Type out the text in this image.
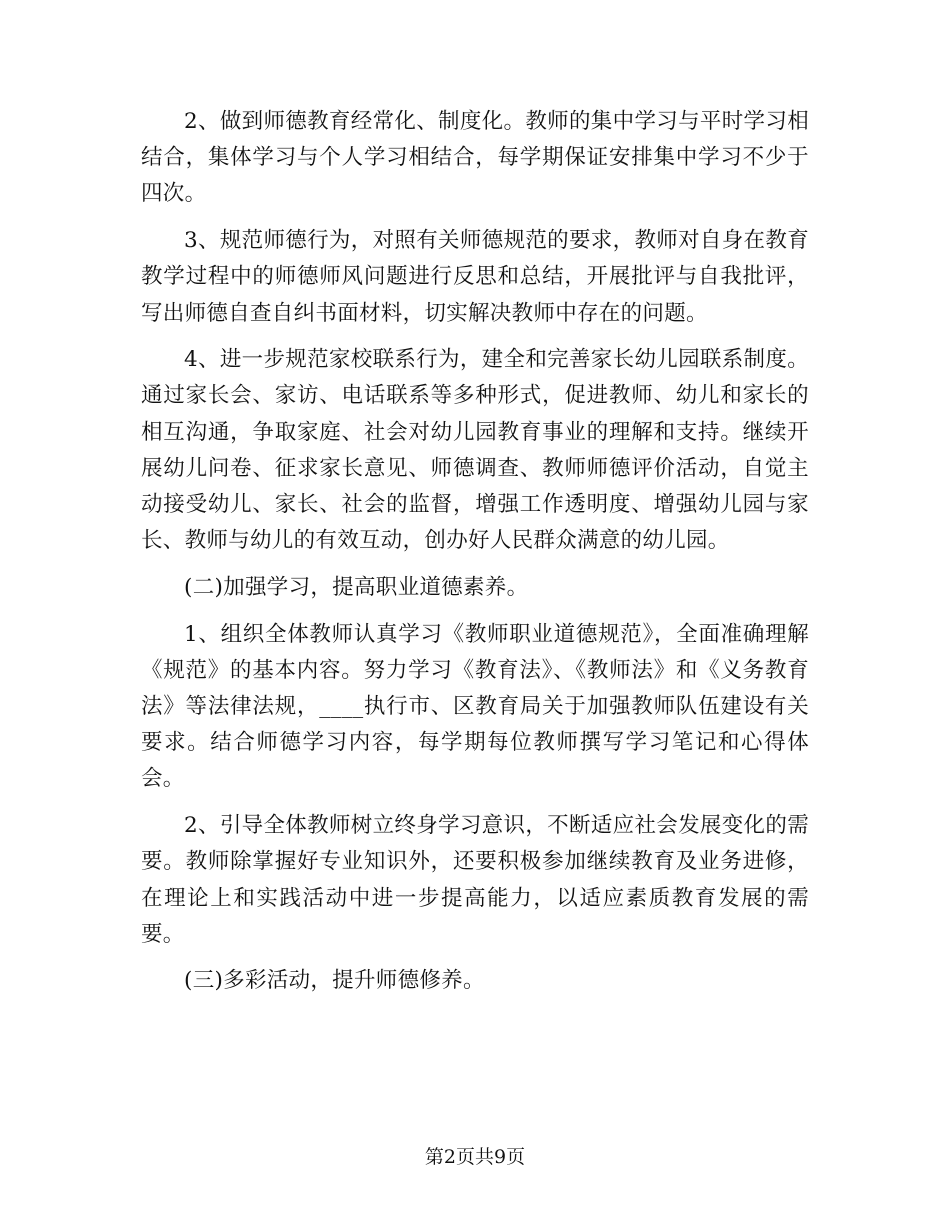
2、做到师德教育经常化、制度化。教师的集中学习与平时学习相结合，集体学习与个人学习相结合，每学期保证安排集中学习不少于四次。

3、规范师德行为，对照有关师德规范的要求，教师对自身在教育教学过程中的师德师风问题进行反思和总结，开展批评与自我批评，写出师德自查自纠书面材料，切实解决教师中存在的问题。

4、进一步规范家校联系行为，建全和完善家长幼儿园联系制度。通过家长会、家访、电话联系等多种形式，促进教师、幼儿和家长的相互沟通，争取家庭、社会对幼儿园教育事业的理解和支持。继续开展幼儿问卷、征求家长意见、师德调查、教师师德评价活动，自觉主动接受幼儿、家长、社会的监督，增强工作透明度、增强幼儿园与家长、教师与幼儿的有效互动，创办好人民群众满意的幼儿园。

(二)加强学习，提高职业道德素养。

1、组织全体教师认真学习《教师职业道德规范》，全面准确理解《规范》的基本内容。努力学习《教育法》、《教师法》和《义务教育法》等法律法规，____执行市、区教育局关于加强教师队伍建设有关要求。结合师德学习内容，每学期每位教师撰写学习笔记和心得体会。

2、引导全体教师树立终身学习意识，不断适应社会发展变化的需要。教师除掌握好专业知识外，还要积极参加继续教育及业务进修，在理论上和实践活动中进一步提高能力，以适应素质教育发展的需要。

(三)多彩活动，提升师德修养。

第2页共9页
